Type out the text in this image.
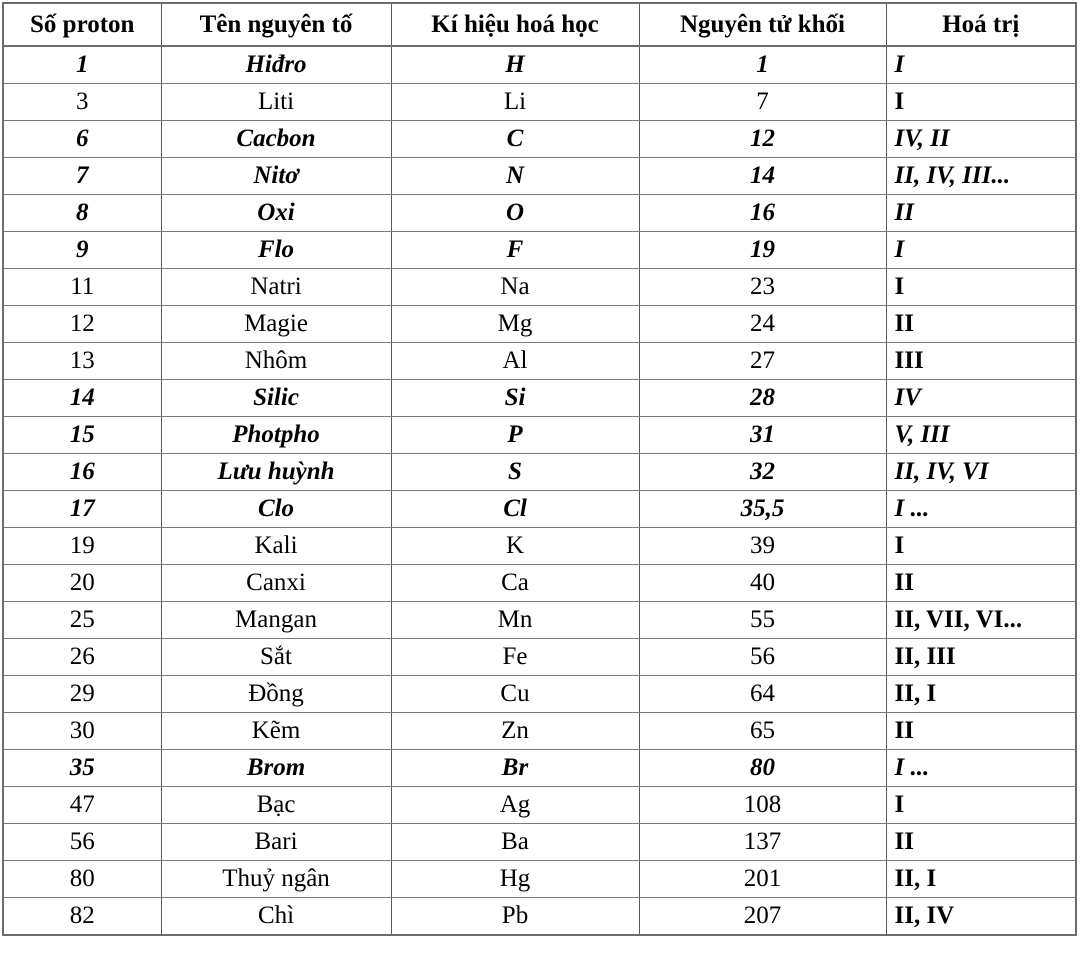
Số proton	Tên nguyên tố	Kí hiệu hoá học	Nguyên tử khối	Hoá trị
1	Hiđro	H	1	I
3	Liti	Li	7	I
6	Cacbon	C	12	IV, II
7	Nitơ	N	14	II, IV, III...
8	Oxi	O	16	II
9	Flo	F	19	I
11	Natri	Na	23	I
12	Magie	Mg	24	II
13	Nhôm	Al	27	III
14	Silic	Si	28	IV
15	Photpho	P	31	V, III
16	Lưu huỳnh	S	32	II, IV, VI
17	Clo	Cl	35,5	I ...
19	Kali	K	39	I
20	Canxi	Ca	40	II
25	Mangan	Mn	55	II, VII, VI...
26	Sắt	Fe	56	II, III
29	Đồng	Cu	64	II, I
30	Kẽm	Zn	65	II
35	Brom	Br	80	I ...
47	Bạc	Ag	108	I
56	Bari	Ba	137	II
80	Thuỷ ngân	Hg	201	II, I
82	Chì	Pb	207	II, IV
